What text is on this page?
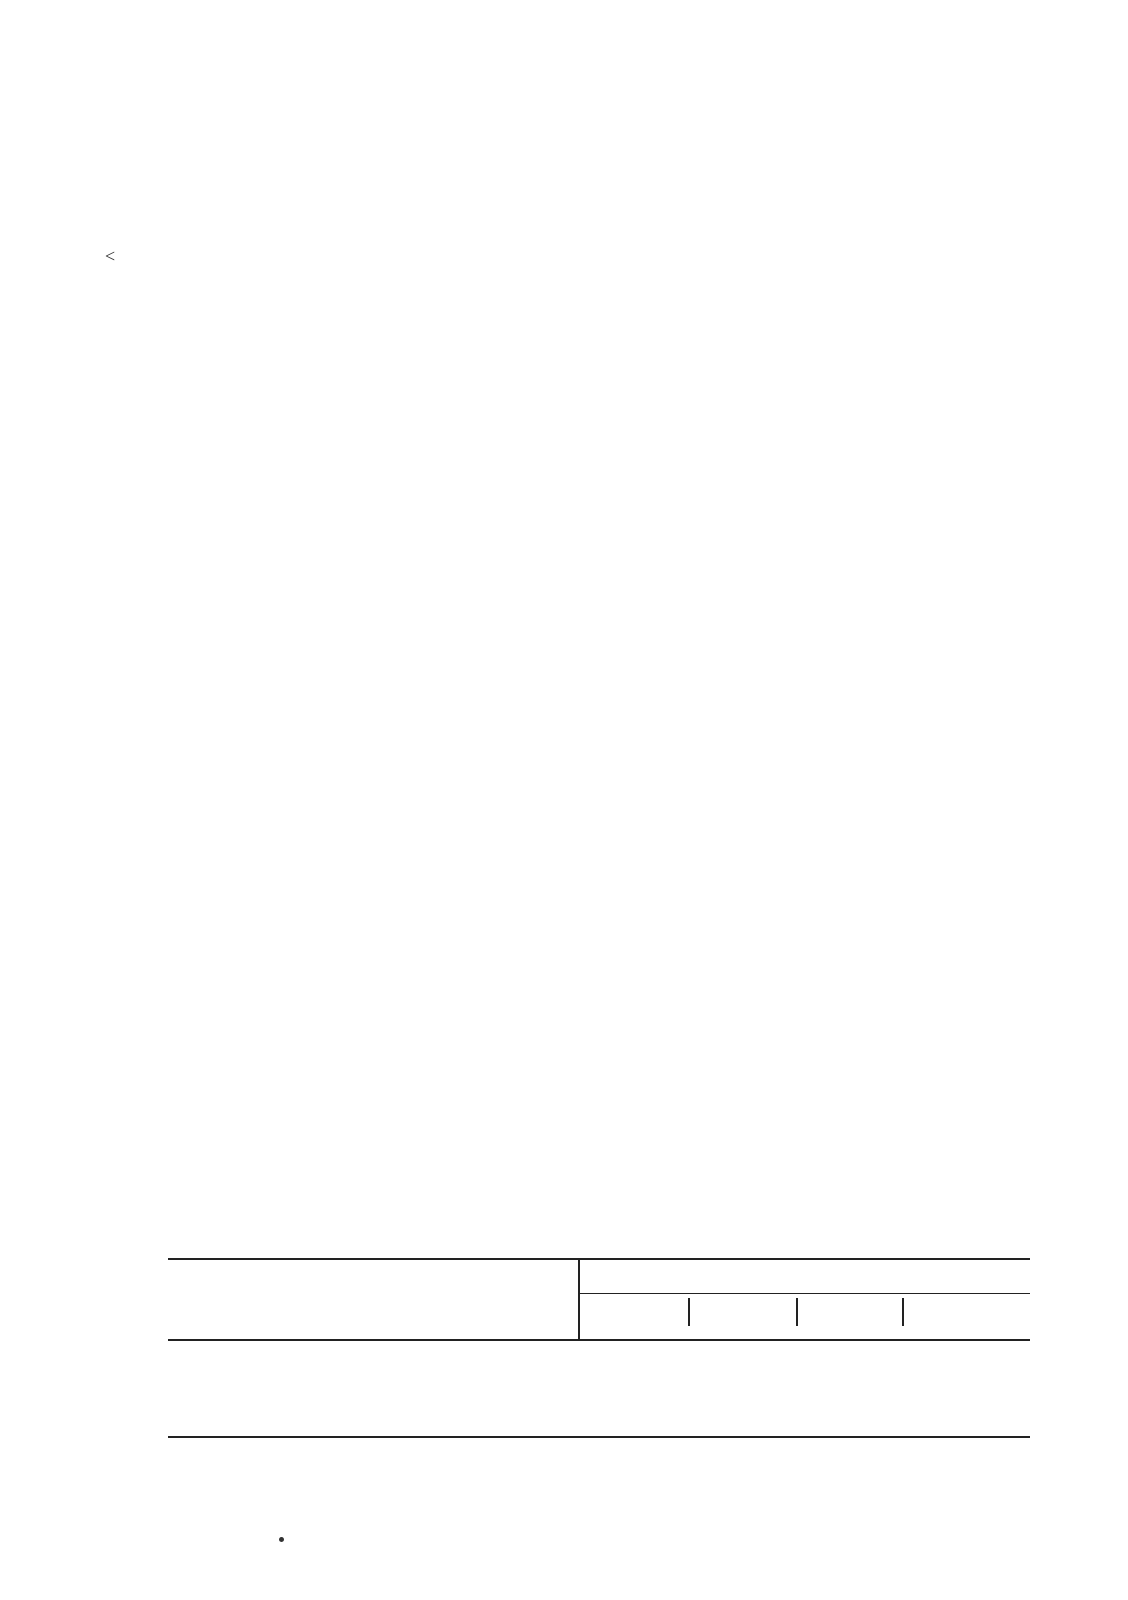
˂
